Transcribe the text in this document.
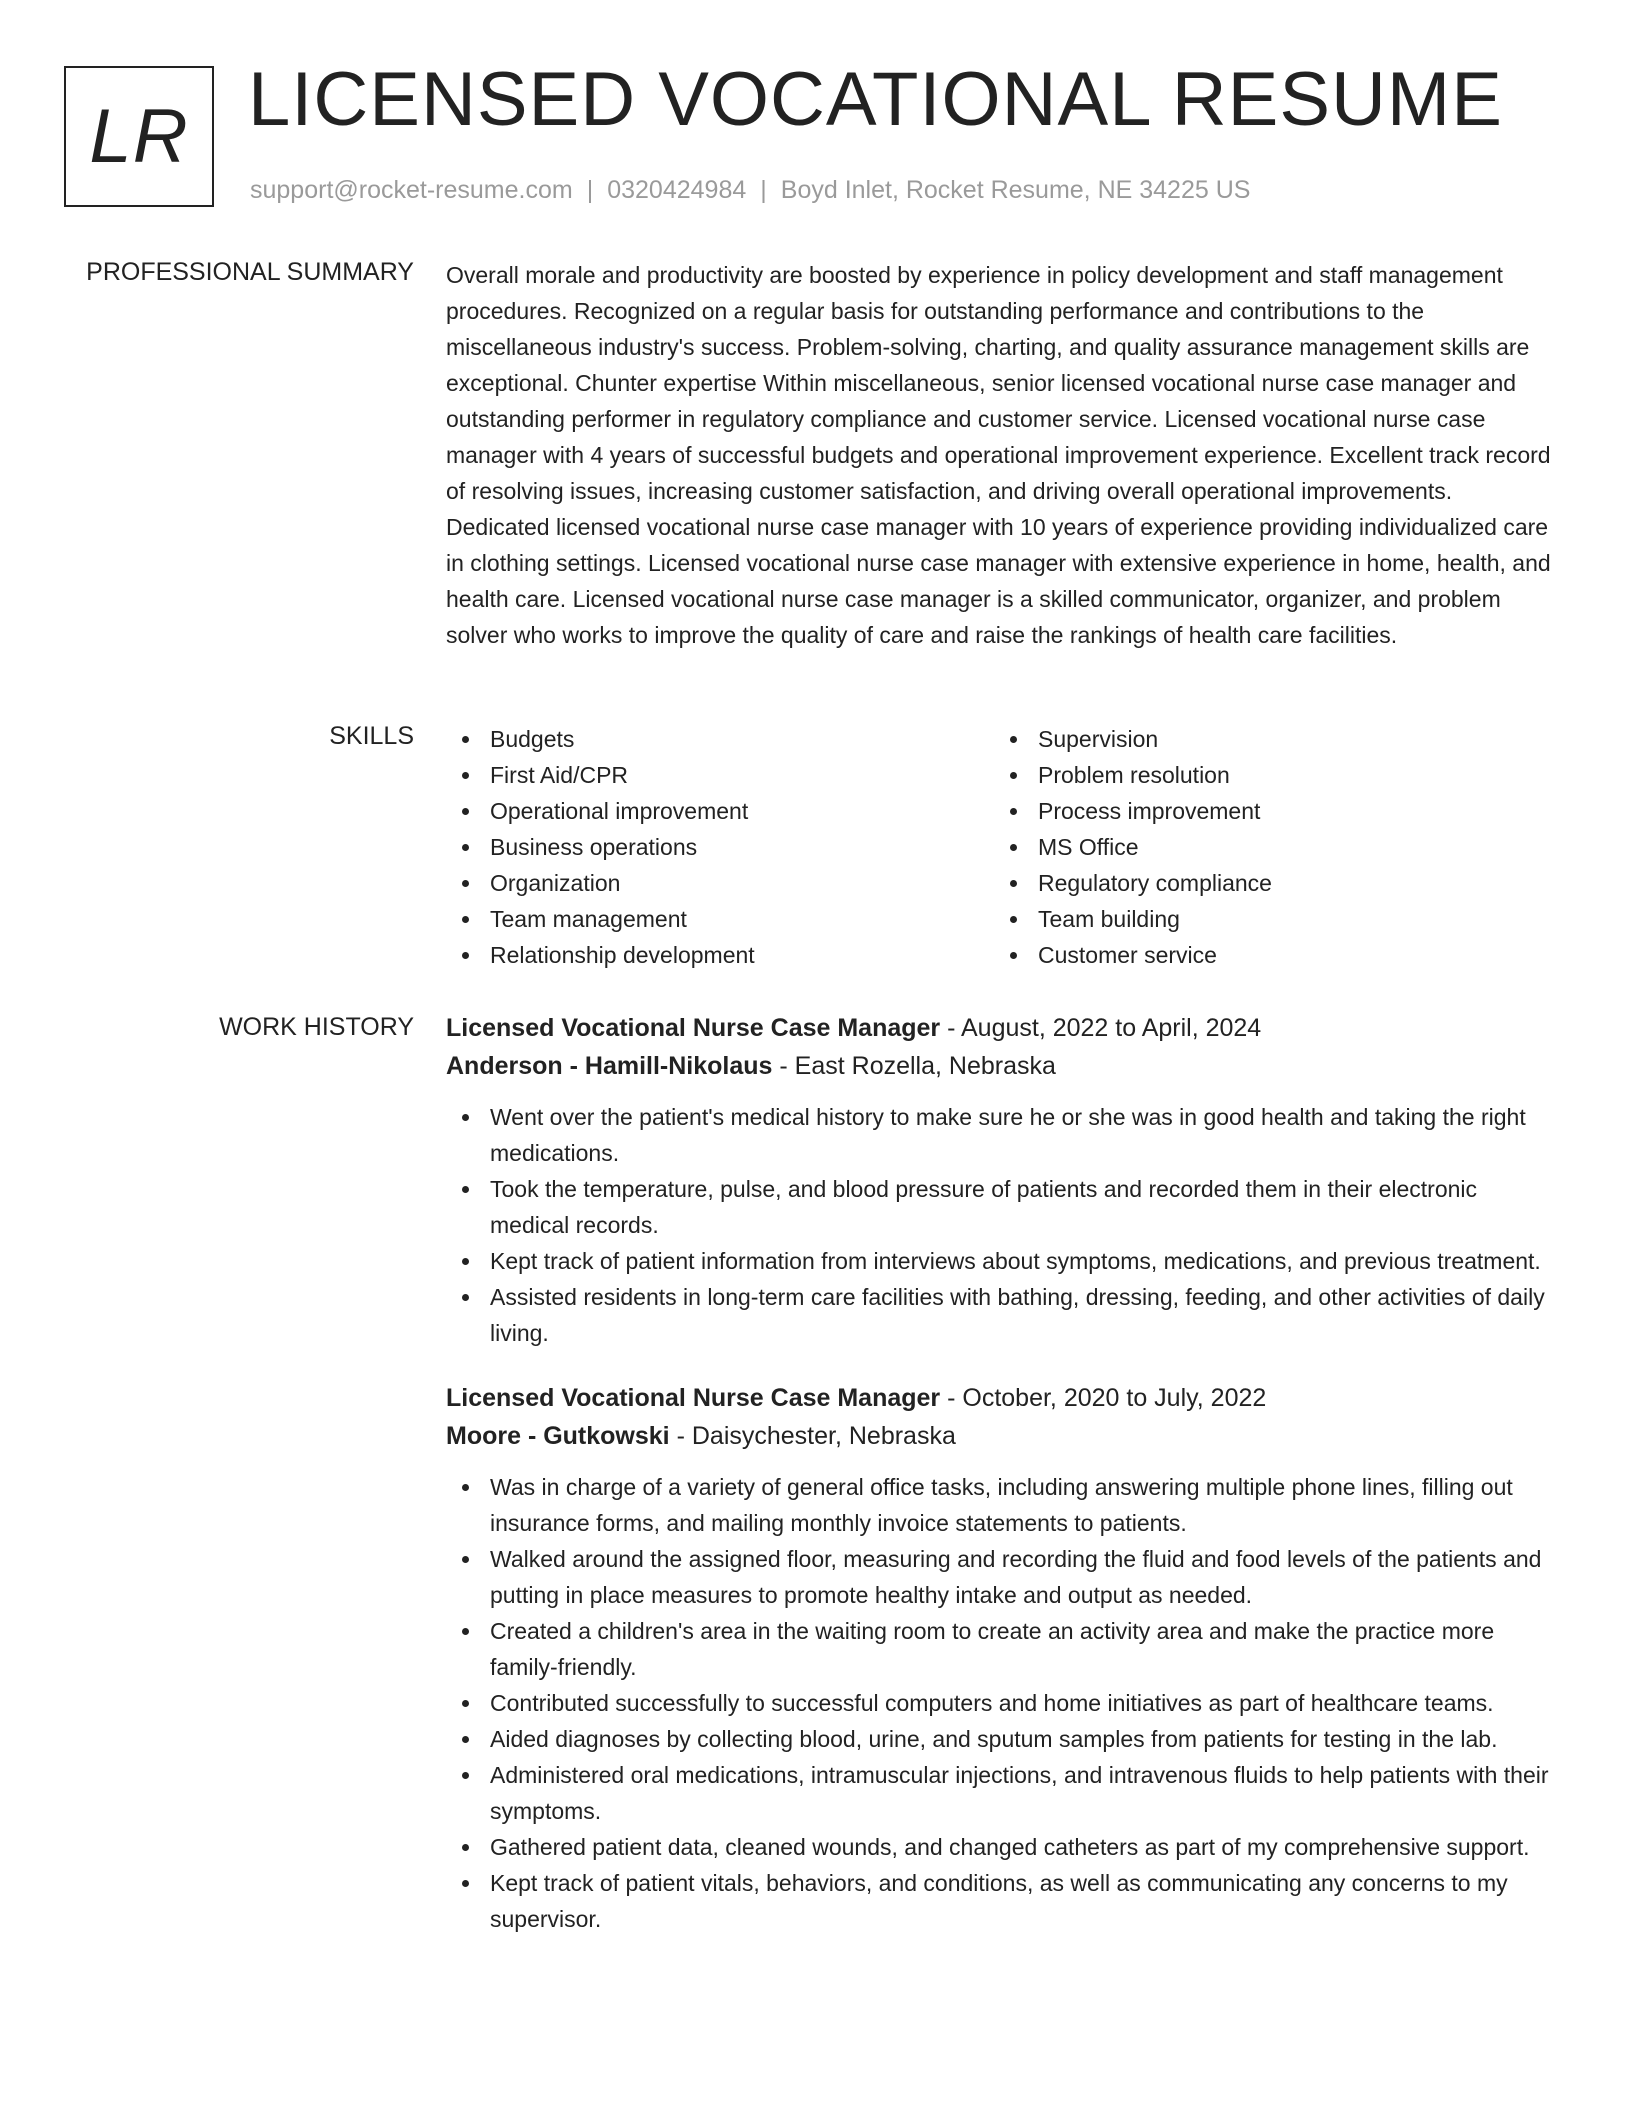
LR LICENSED VOCATIONAL RESUME
support@rocket-resume.com | 0320424984 | Boyd Inlet, Rocket Resume, NE 34225 US
PROFESSIONAL SUMMARY Overall morale and productivity are boosted by experience in policy development and staff management procedures. Recognized on a regular basis for outstanding performance and contributions to the miscellaneous industry's success. Problem-solving, charting, and quality assurance management skills are exceptional. Chunter expertise Within miscellaneous, senior licensed vocational nurse case manager and outstanding performer in regulatory compliance and customer service. Licensed vocational nurse case manager with 4 years of successful budgets and operational improvement experience. Excellent track record of resolving issues, increasing customer satisfaction, and driving overall operational improvements. Dedicated licensed vocational nurse case manager with 10 years of experience providing individualized care in clothing settings. Licensed vocational nurse case manager with extensive experience in home, health, and health care. Licensed vocational nurse case manager is a skilled communicator, organizer, and problem solver who works to improve the quality of care and raise the rankings of health care facilities.

SKILLS	Budgets
First Aid/CPR
Operational improvement
Business operations
Organization
Team management
Relationship development
Supervision
Problem resolution
Process improvement
MS Office
Regulatory compliance
Team building
Customer service
WORK HISTORY Licensed Vocational Nurse Case Manager - August, 2022 to April, 2024
Anderson - Hamill-Nikolaus - East Rozella, Nebraska
Went over the patient's medical history to make sure he or she was in good health and taking the right medications.
Took the temperature, pulse, and blood pressure of patients and recorded them in their electronic medical records.
Kept track of patient information from interviews about symptoms, medications, and previous treatment.
Assisted residents in long-term care facilities with bathing, dressing, feeding, and other activities of daily living.
Licensed Vocational Nurse Case Manager - October, 2020 to July, 2022
Moore - Gutkowski - Daisychester, Nebraska
Was in charge of a variety of general office tasks, including answering multiple phone lines, filling out insurance forms, and mailing monthly invoice statements to patients.
Walked around the assigned floor, measuring and recording the fluid and food levels of the patients and putting in place measures to promote healthy intake and output as needed.
Created a children's area in the waiting room to create an activity area and make the practice more family-friendly.
Contributed successfully to successful computers and home initiatives as part of healthcare teams.
Aided diagnoses by collecting blood, urine, and sputum samples from patients for testing in the lab.
Administered oral medications, intramuscular injections, and intravenous fluids to help patients with their symptoms.
Gathered patient data, cleaned wounds, and changed catheters as part of my comprehensive support.
Kept track of patient vitals, behaviors, and conditions, as well as communicating any concerns to my supervisor.
